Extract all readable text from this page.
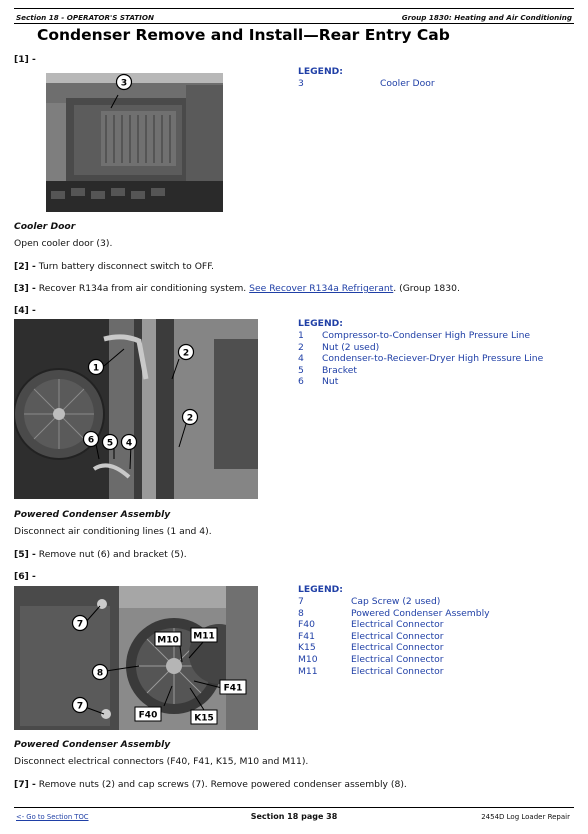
Section 18 - OPERATOR'S STATION	Group 1830: Heating and Air Conditioning
Condenser Remove and Install—Rear Entry Cab
[1] -
3
LEGEND:
3	Cooler Door
Cooler Door
Open cooler door (3).
[2] - Turn battery disconnect switch to OFF.
[3] - Recover R134a from air conditioning system. See Recover R134a Refrigerant. (Group 1830.
[4] -
1
2
2
6 5 4
LEGEND:
1	Compressor-to-Condenser High Pressure Line
2	Nut (2 used)
4	Condenser-to-Reciever-Dryer High Pressure Line
5	Bracket
6	Nut
Powered Condenser Assembly
Disconnect air conditioning lines (1 and 4).
[5] - Remove nut (6) and bracket (5).
[6] -
7
8
7
M10 M11
F41
F40	K15
LEGEND:
7	Cap Screw (2 used)
8	Powered Condenser Assembly
F40	Electrical Connector
F41	Electrical Connector
K15	Electrical Connector
M10	Electrical Connector
M11	Electrical Connector
Powered Condenser Assembly
Disconnect electrical connectors (F40, F41, K15, M10 and M11).
[7] - Remove nuts (2) and cap screws (7). Remove powered condenser assembly (8).
<- Go to Section TOC	Section 18 page 38	2454D Log Loader Repair
